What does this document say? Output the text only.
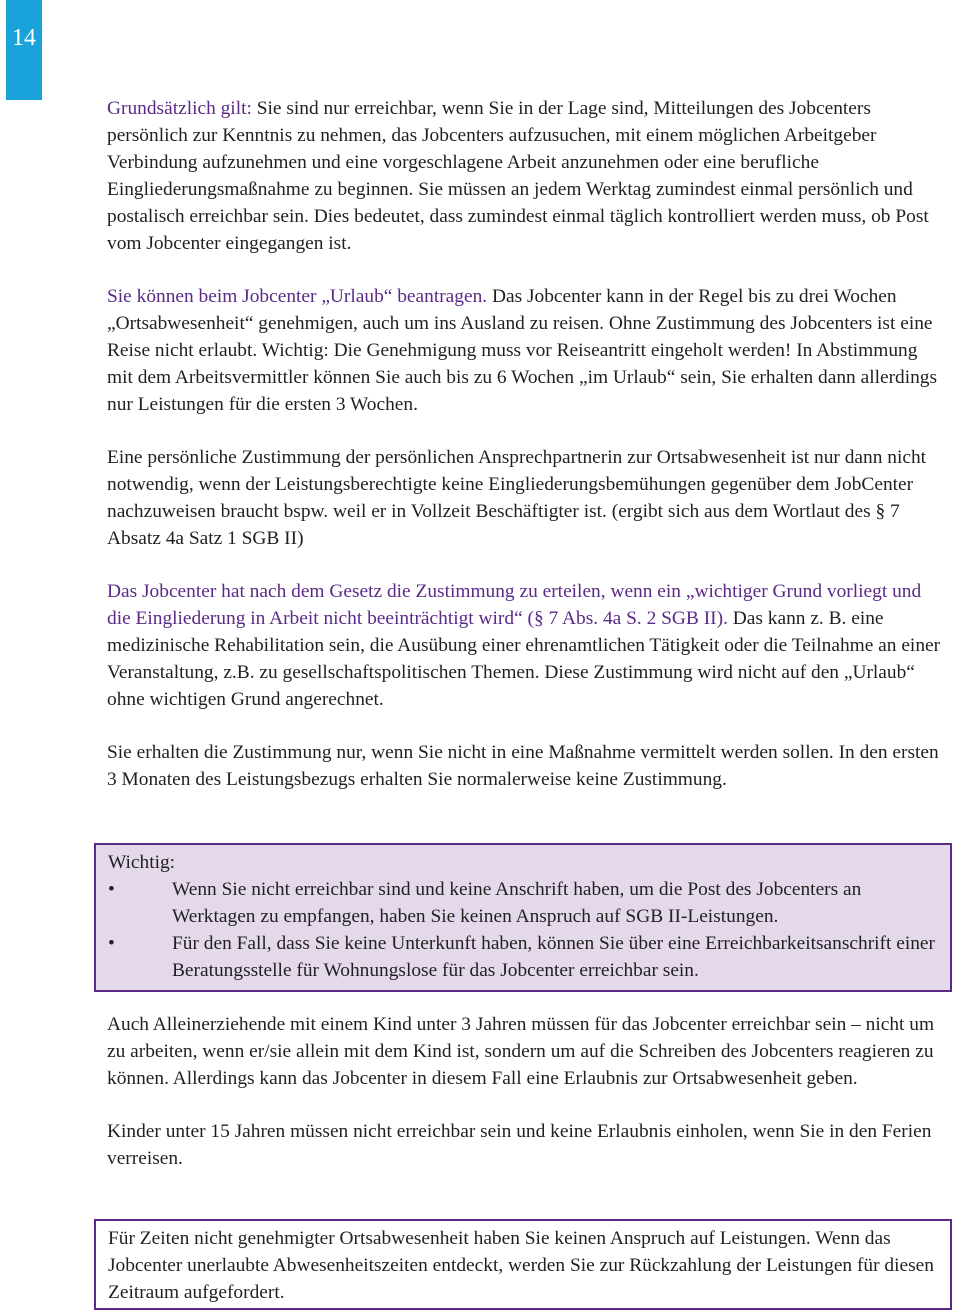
14

Grundsätzlich gilt: Sie sind nur erreichbar, wenn Sie in der Lage sind, Mitteilungen des Jobcenters persönlich zur Kenntnis zu nehmen, das Jobcenters aufzusuchen, mit einem möglichen Arbeitgeber Verbindung aufzunehmen und eine vorgeschlagene Arbeit anzunehmen oder eine berufliche Eingliederungsmaßnahme zu beginnen. Sie müssen an jedem Werktag zumindest einmal persönlich und postalisch erreichbar sein. Dies bedeutet, dass zumindest einmal täglich kontrolliert werden muss, ob Post vom Jobcenter eingegangen ist.

Sie können beim Jobcenter „Urlaub“ beantragen. Das Jobcenter kann in der Regel bis zu drei Wochen „Ortsabwesenheit“ genehmigen, auch um ins Ausland zu reisen. Ohne Zustimmung des Jobcenters ist eine Reise nicht erlaubt. Wichtig: Die Genehmigung muss vor Reiseantritt eingeholt werden! In Abstimmung mit dem Arbeitsvermittler können Sie auch bis zu 6 Wochen „im Urlaub“ sein, Sie erhalten dann allerdings nur Leistungen für die ersten 3 Wochen.

Eine persönliche Zustimmung der persönlichen Ansprechpartnerin zur Ortsabwesenheit ist nur dann nicht notwendig, wenn der Leistungsberechtigte keine Eingliederungsbemühungen gegenüber dem JobCenter nachzuweisen braucht bspw. weil er in Vollzeit Beschäftigter ist. (ergibt sich aus dem Wortlaut des § 7 Absatz 4a Satz 1 SGB II)

Das Jobcenter hat nach dem Gesetz die Zustimmung zu erteilen, wenn ein „wichtiger Grund vorliegt und die Eingliederung in Arbeit nicht beeinträchtigt wird“ (§ 7 Abs. 4a S. 2 SGB II). Das kann z. B. eine medizinische Rehabilitation sein, die Ausübung einer ehrenamtlichen Tätigkeit oder die Teilnahme an einer Veranstaltung, z.B. zu gesellschaftspolitischen Themen. Diese Zustimmung wird nicht auf den „Urlaub“ ohne wichtigen Grund angerechnet.

Sie erhalten die Zustimmung nur, wenn Sie nicht in eine Maßnahme vermittelt werden sollen. In den ersten 3 Monaten des Leistungsbezugs erhalten Sie normalerweise keine Zustimmung.

Wichtig:
•	Wenn Sie nicht erreichbar sind und keine Anschrift haben, um die Post des Jobcenters an Werktagen zu empfangen, haben Sie keinen Anspruch auf SGB II-Leistungen.
•	Für den Fall, dass Sie keine Unterkunft haben, können Sie über eine Erreichbarkeitsanschrift einer Beratungsstelle für Wohnungslose für das Jobcenter erreichbar sein.

Auch Alleinerziehende mit einem Kind unter 3 Jahren müssen für das Jobcenter erreichbar sein – nicht um zu arbeiten, wenn er/sie allein mit dem Kind ist, sondern um auf die Schreiben des Jobcenters reagieren zu können. Allerdings kann das Jobcenter in diesem Fall eine Erlaubnis zur Ortsabwesenheit geben.

Kinder unter 15 Jahren müssen nicht erreichbar sein und keine Erlaubnis einholen, wenn Sie in den Ferien verreisen.

Für Zeiten nicht genehmigter Ortsabwesenheit haben Sie keinen Anspruch auf Leistungen. Wenn das Jobcenter unerlaubte Abwesenheitszeiten entdeckt, werden Sie zur Rückzahlung der Leistungen für diesen Zeitraum aufgefordert.
